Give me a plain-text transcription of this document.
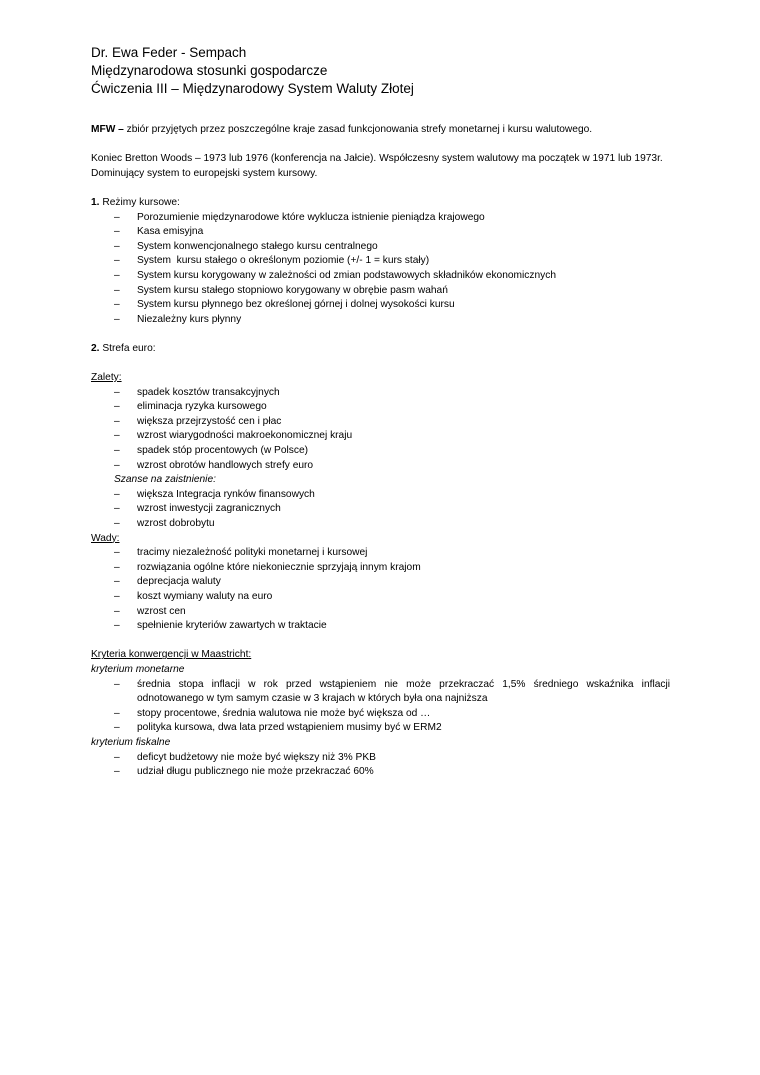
Dr. Ewa Feder - Sempach
Międzynarodowa stosunki gospodarcze
Ćwiczenia III – Międzynarodowy System Waluty Złotej

MFW – zbiór przyjętych przez poszczególne kraje zasad funkcjonowania strefy monetarnej i kursu walutowego.

Koniec Bretton Woods – 1973 lub 1976 (konferencja na Jałcie). Współczesny system walutowy ma początek w 1971 lub 1973r.

Dominujący system to europejski system kursowy.

1. Reżimy kursowe:

– Porozumienie międzynarodowe które wyklucza istnienie pieniądza krajowego
– Kasa emisyjna
– System konwencjonalnego stałego kursu centralnego
– System  kursu stałego o określonym poziomie (+/- 1 = kurs stały)
– System kursu korygowany w zależności od zmian podstawowych składników ekonomicznych
– System kursu stałego stopniowo korygowany w obrębie pasm wahań
– System kursu płynnego bez określonej górnej i dolnej wysokości kursu
– Niezależny kurs płynny

2. Strefa euro:

Zalety:

– spadek kosztów transakcyjnych
– eliminacja ryzyka kursowego
– większa przejrzystość cen i płac
– wzrost wiarygodności makroekonomicznej kraju
– spadek stóp procentowych (w Polsce)
– wzrost obrotów handlowych strefy euro

Szanse na zaistnienie:

– większa Integracja rynków finansowych
– wzrost inwestycji zagranicznych
– wzrost dobrobytu

Wady:

– tracimy niezależność polityki monetarnej i kursowej
– rozwiązania ogólne które niekoniecznie sprzyjają innym krajom
– deprecjacja waluty
– koszt wymiany waluty na euro
– wzrost cen
– spełnienie kryteriów zawartych w traktacie

Kryteria konwergencji w Maastricht:

kryterium monetarne

– średnia stopa inflacji w rok przed wstąpieniem nie może przekraczać 1,5% średniego wskaźnika inflacji odnotowanego w tym samym czasie w 3 krajach w których była ona najniższa
– stopy procentowe, średnia walutowa nie może być większa od …
– polityka kursowa, dwa lata przed wstąpieniem musimy być w ERM2

kryterium fiskalne

– deficyt budżetowy nie może być większy niż 3% PKB
– udział długu publicznego nie może przekraczać 60%
